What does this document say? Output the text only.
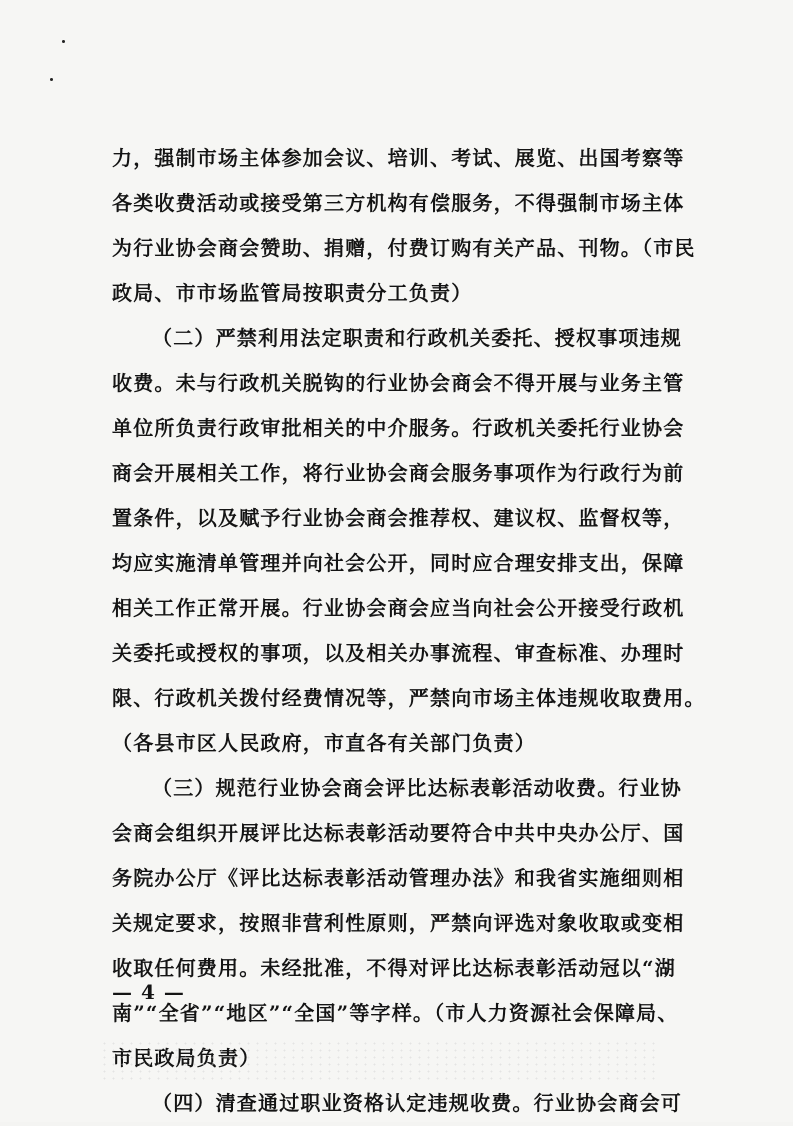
力，强制市场主体参加会议、培训、考试、展览、出国考察等
各类收费活动或接受第三方机构有偿服务，不得强制市场主体
为行业协会商会赞助、捐赠，付费订购有关产品、刊物。（市民
政局、市市场监管局按职责分工负责）
（二）严禁利用法定职责和行政机关委托、授权事项违规
收费。未与行政机关脱钩的行业协会商会不得开展与业务主管
单位所负责行政审批相关的中介服务。行政机关委托行业协会
商会开展相关工作，将行业协会商会服务事项作为行政行为前
置条件，以及赋予行业协会商会推荐权、建议权、监督权等，
均应实施清单管理并向社会公开，同时应合理安排支出，保障
相关工作正常开展。行业协会商会应当向社会公开接受行政机
关委托或授权的事项，以及相关办事流程、审查标准、办理时
限、行政机关拨付经费情况等，严禁向市场主体违规收取费用。
（各县市区人民政府，市直各有关部门负责）
（三）规范行业协会商会评比达标表彰活动收费。行业协
会商会组织开展评比达标表彰活动要符合中共中央办公厅、国
务院办公厅《评比达标表彰活动管理办法》和我省实施细则相
关规定要求，按照非营利性原则，严禁向评选对象收取或变相
收取任何费用。未经批准，不得对评比达标表彰活动冠以“湖
南”“全省”“地区”“全国”等字样。（市人力资源社会保障局、
市民政局负责）
（四）清查通过职业资格认定违规收费。行业协会商会可
— 4 —
